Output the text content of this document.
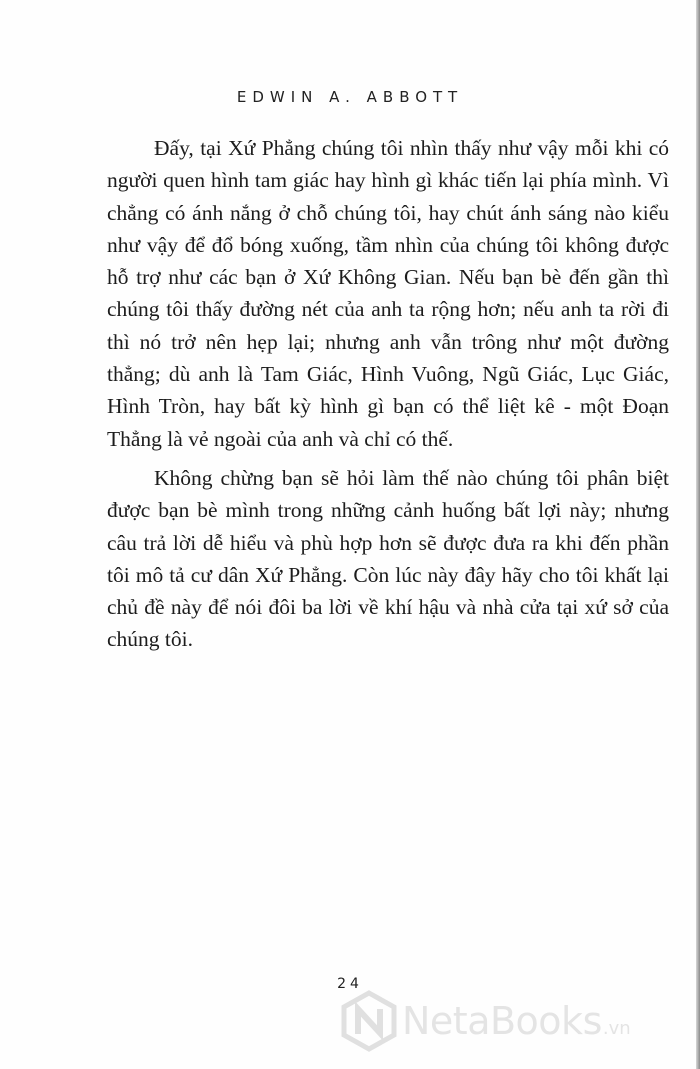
EDWIN A. ABBOTT

Đấy, tại Xứ Phẳng chúng tôi nhìn thấy như vậy mỗi khi có người quen hình tam giác hay hình gì khác tiến lại phía mình. Vì chẳng có ánh nắng ở chỗ chúng tôi, hay chút ánh sáng nào kiểu như vậy để đổ bóng xuống, tầm nhìn của chúng tôi không được hỗ trợ như các bạn ở Xứ Không Gian. Nếu bạn bè đến gần thì chúng tôi thấy đường nét của anh ta rộng hơn; nếu anh ta rời đi thì nó trở nên hẹp lại; nhưng anh vẫn trông như một đường thẳng; dù anh là Tam Giác, Hình Vuông, Ngũ Giác, Lục Giác, Hình Tròn, hay bất kỳ hình gì bạn có thể liệt kê - một Đoạn Thẳng là vẻ ngoài của anh và chỉ có thế.

Không chừng bạn sẽ hỏi làm thế nào chúng tôi phân biệt được bạn bè mình trong những cảnh huống bất lợi này; nhưng câu trả lời dễ hiểu và phù hợp hơn sẽ được đưa ra khi đến phần tôi mô tả cư dân Xứ Phẳng. Còn lúc này đây hãy cho tôi khất lại chủ đề này để nói đôi ba lời về khí hậu và nhà cửa tại xứ sở của chúng tôi.

24
NetaBooks .vn
